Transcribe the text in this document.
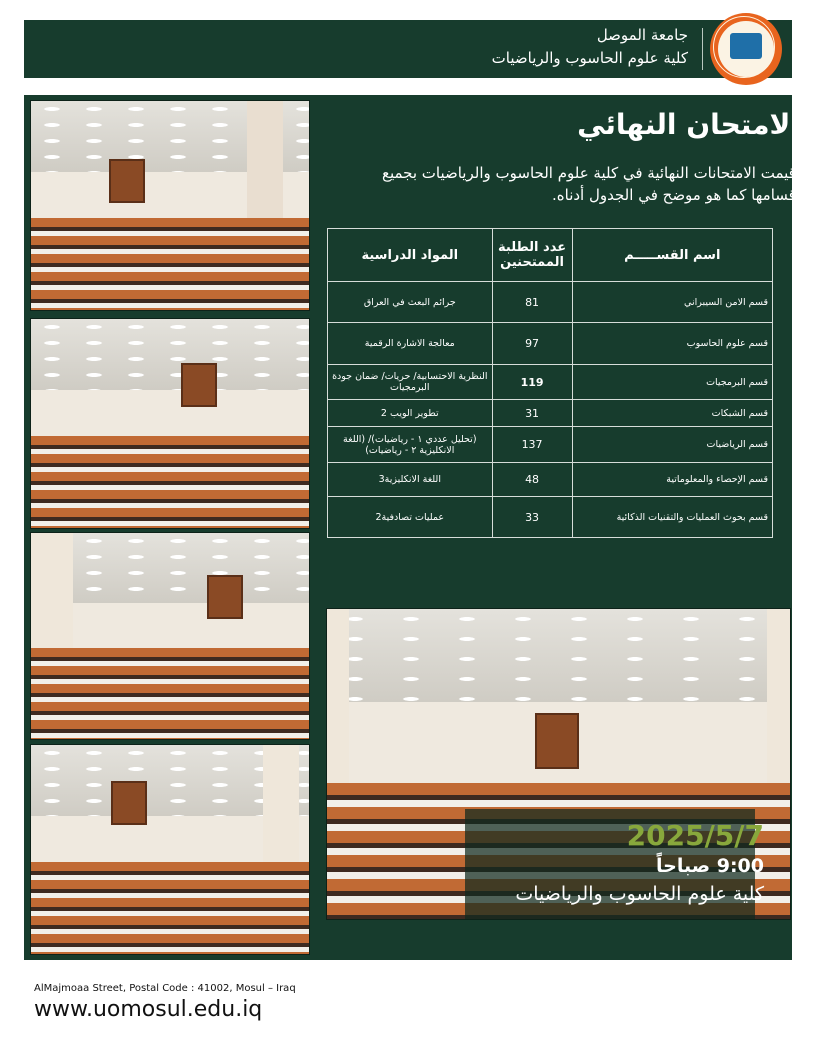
جامعة الموصل
كلية علوم الحاسوب والرياضيات
الامتحان النهائي
اقيمت الامتحانات النهائية في كلية علوم الحاسوب والرياضيات بجميع أقسامها كما هو موضح في الجدول أدناه.
اسم القســـــم	عدد الطلبة الممتحنين	المواد الدراسية
قسم الامن السيبراني	81	جرائم البعث في العراق
قسم علوم الحاسوب	97	معالجة الاشارة الرقمية
قسم البرمجيات	119	النظرية الاحتسابية/ حريات/ ضمان جودة البرمجيات
قسم الشبكات	31	تطوير الويب 2
قسم الرياضيات	137	(تحليل عددي ١ - رياضيات)/ (اللغة الانكليزية ٢ - رياضيات)
قسم الإحصاء والمعلوماتية	48	اللغة الانكليزية3
قسم بحوث العمليات والتقنيات الذكائية	33	عمليات تصادفية2
2025/5/7
9:00 صباحاً
كلية علوم الحاسوب والرياضيات
AlMajmoaa Street, Postal Code : 41002, Mosul – Iraq
www.uomosul.edu.iq
